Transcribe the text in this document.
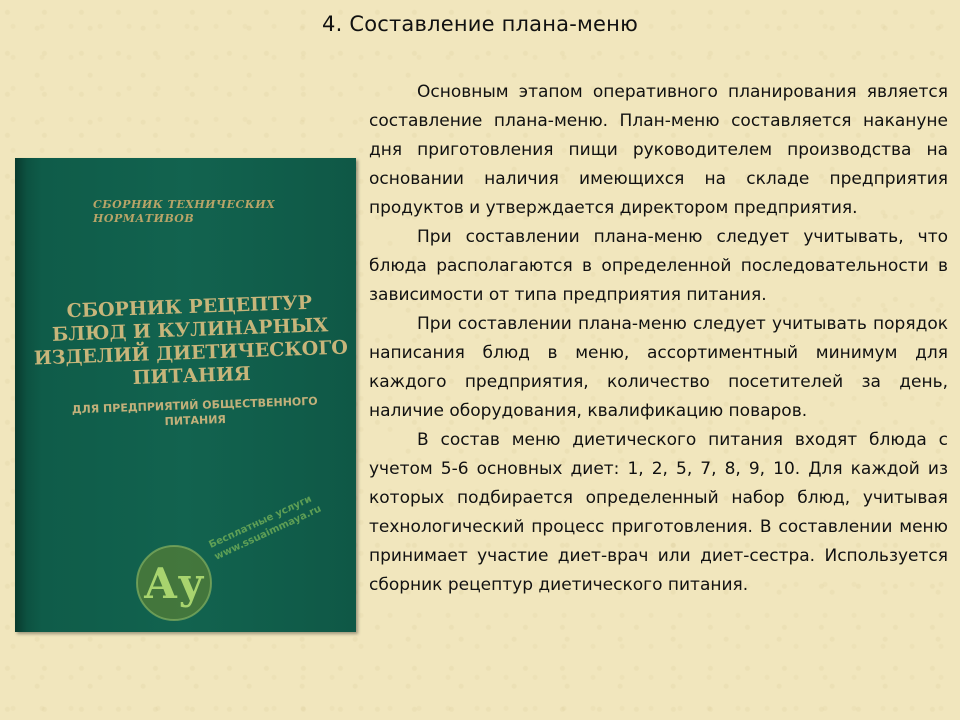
4. Составление плана-меню
СБОРНИК ТЕХНИЧЕСКИХ НОРМАТИВОВ
СБОРНИК РЕЦЕПТУР БЛЮД И КУЛИНАРНЫХ ИЗДЕЛИЙ ДИЕТИЧЕСКОГО ПИТАНИЯ
ДЛЯ ПРЕДПРИЯТИЙ ОБЩЕСТВЕННОГО ПИТАНИЯ
Ау
Бесплатные услуги www.ssuaimmaya.ru

Основным этапом оперативного планирования является составление плана-меню. План-меню составляется накануне дня приготовления пищи руководителем производства на основании наличия имеющихся на складе предприятия продуктов и утверждается директором предприятия.

При составлении плана-меню следует учитывать, что блюда располагаются в определенной последовательности в зависимости от типа предприятия питания.

При составлении плана-меню следует учитывать порядок написания блюд в меню, ассортиментный минимум для каждого предприятия, количество посетителей за день, наличие оборудования, квалификацию поваров.

В состав меню диетического питания входят блюда с учетом 5-6 основных диет: 1, 2, 5, 7, 8, 9, 10. Для каждой из которых подбирается определенный набор блюд, учитывая технологический процесс приготовления. В составлении меню принимает участие диет-врач или диет-сестра. Используется сборник рецептур диетического питания.
